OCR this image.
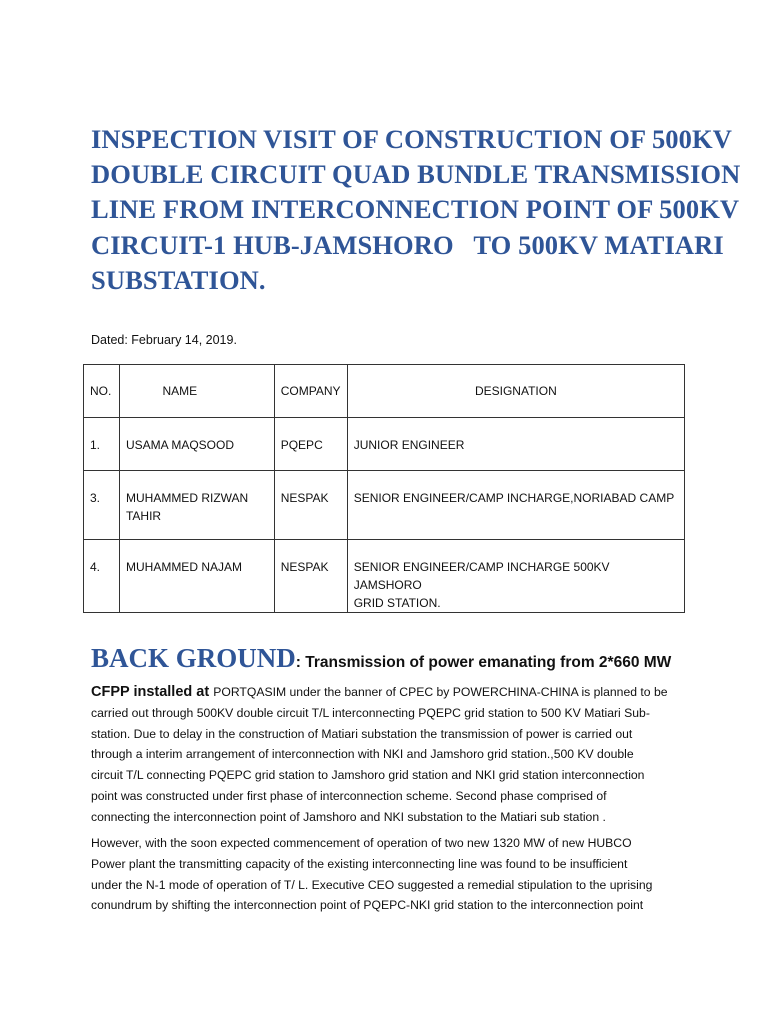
INSPECTION VISIT OF CONSTRUCTION OF 500KV
DOUBLE CIRCUIT QUAD BUNDLE TRANSMISSION
LINE FROM INTERCONNECTION POINT OF 500KV
CIRCUIT-1 HUB-JAMSHORO   TO 500KV MATIARI
SUBSTATION.
Dated: February 14, 2019.
NO.	NAME	COMPANY	DESIGNATION

1.	USAMA MAQSOOD	PQEPC	JUNIOR ENGINEER

3.	MUHAMMED RIZWAN
TAHIR	NESPAK	SENIOR ENGINEER/CAMP INCHARGE,NORIABAD CAMP

4.	MUHAMMED NAJAM	NESPAK	SENIOR ENGINEER/CAMP INCHARGE 500KV JAMSHORO
GRID STATION.
BACK GROUND: Transmission of power emanating from 2*660 MW
CFPP installed at PORTQASIM under the banner of CPEC by POWERCHINA-CHINA is planned to be
carried out through 500KV double circuit T/L interconnecting PQEPC grid station to 500 KV Matiari Sub-
station. Due to delay in the construction of Matiari substation the transmission of power is carried out
through a interim arrangement of interconnection with NKI and Jamshoro grid station.,500 KV double
circuit T/L connecting PQEPC grid station to Jamshoro grid station and NKI grid station interconnection
point was constructed under first phase of interconnection scheme. Second phase comprised of
connecting the interconnection point of Jamshoro and NKI substation to the Matiari sub station .
However, with the soon expected commencement of operation of two new 1320 MW of new HUBCO
Power plant the transmitting capacity of the existing interconnecting line was found to be insufficient
under the N-1 mode of operation of T/ L. Executive CEO suggested a remedial stipulation to the uprising
conundrum by shifting the interconnection point of PQEPC-NKI grid station to the interconnection point
